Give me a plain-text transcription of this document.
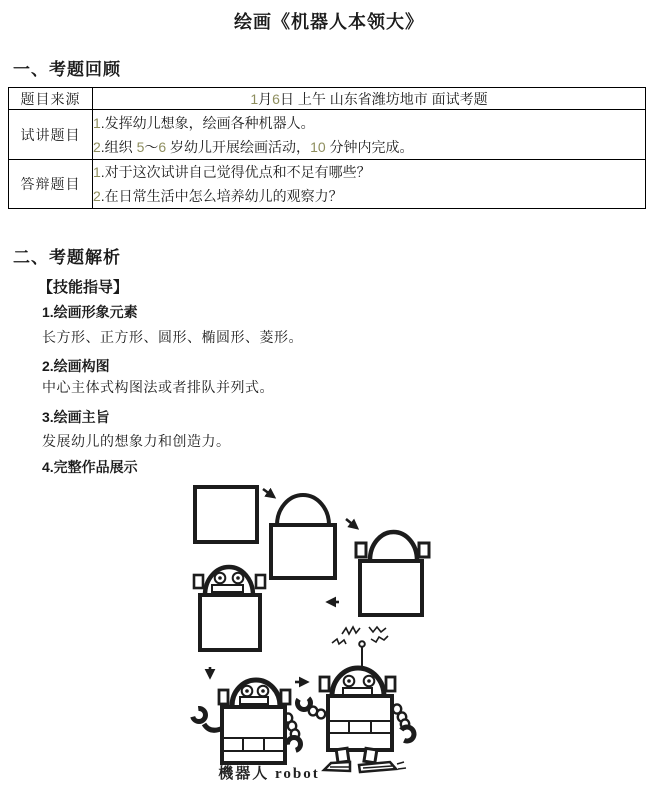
绘画《机器人本领大》
一、考题回顾
题目来源	1月6日 上午 山东省潍坊地市 面试考题
试讲题目	1.发挥幼儿想象，绘画各种机器人。
2.组织 5～6 岁幼儿开展绘画活动，10 分钟内完成。

答辩题目	1.对于这次试讲自己觉得优点和不足有哪些？
2.在日常生活中怎么培养幼儿的观察力？
二、考题解析
【技能指导】
1.绘画形象元素
长方形、正方形、圆形、椭圆形、菱形。
2.绘画构图
中心主体式构图法或者排队并列式。
3.绘画主旨
发展幼儿的想象力和创造力。
4.完整作品展示
機器人 robot
